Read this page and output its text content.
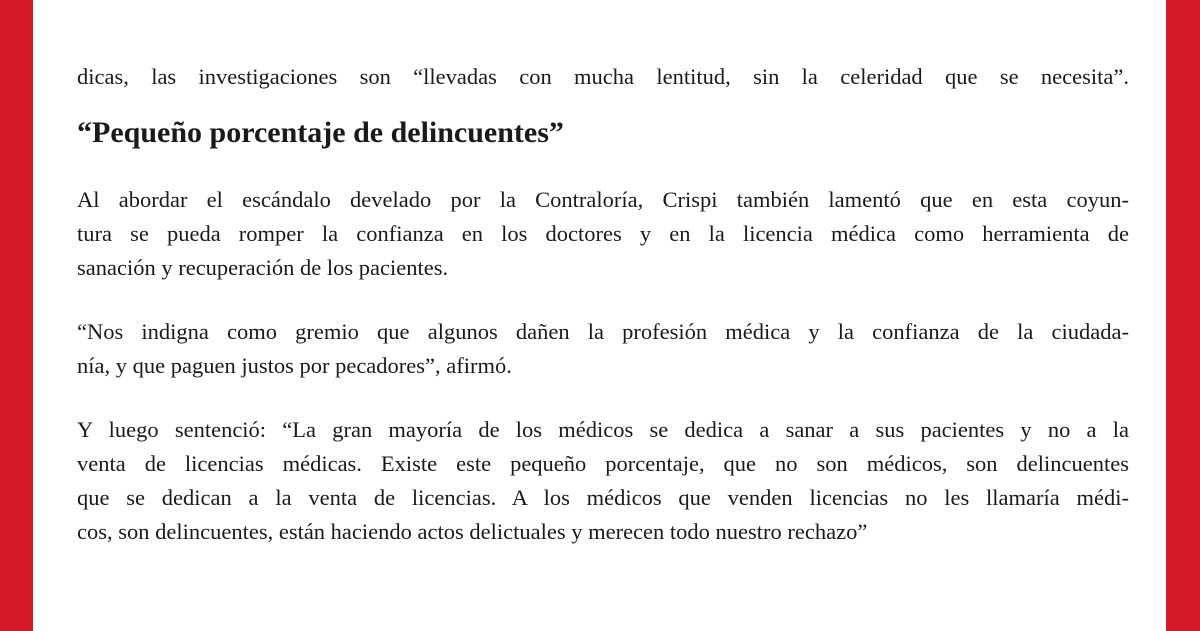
dicas, las investigaciones son “llevadas con mucha lentitud, sin la celeridad que se necesita”.

“Pequeño porcentaje de delincuentes”

Al abordar el escándalo develado por la Contraloría, Crispi también lamentó que en esta coyun-

tura se pueda romper la confianza en los doctores y en la licencia médica como herramienta de

sanación y recuperación de los pacientes.

“Nos indigna como gremio que algunos dañen la profesión médica y la confianza de la ciudada-

nía, y que paguen justos por pecadores”, afirmó.

Y luego sentenció: “La gran mayoría de los médicos se dedica a sanar a sus pacientes y no a la

venta de licencias médicas. Existe este pequeño porcentaje, que no son médicos, son delincuentes

que se dedican a la venta de licencias. A los médicos que venden licencias no les llamaría médi-

cos, son delincuentes, están haciendo actos delictuales y merecen todo nuestro rechazo”
